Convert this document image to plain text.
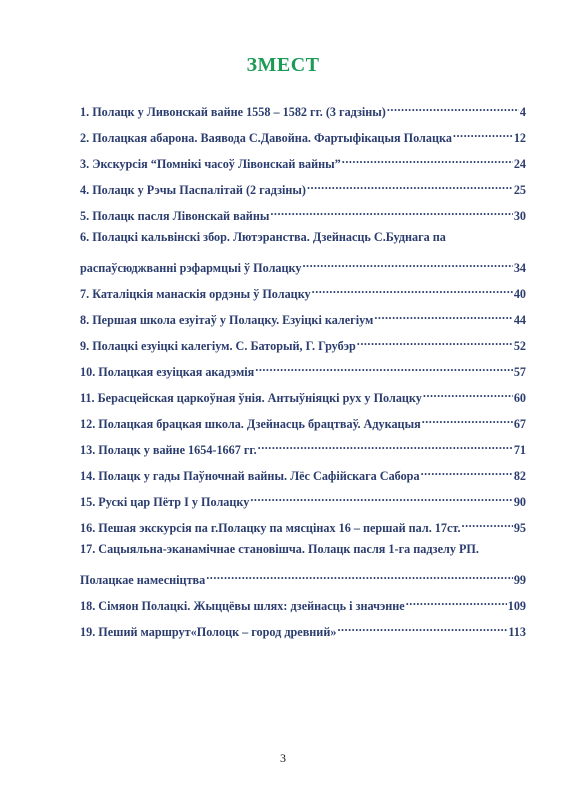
ЗМЕСТ
1. Полацк у Ливонскай вайне 1558 – 1582 гг. (3 гадзіны) .....	4
2. Полацкая абарона. Ваявода С.Давойна. Фартыфікацыя Полацка .....	12
3. Экскурсія “Помнікі часоў Лівонскай вайны” .....	24
4. Полацк у Рэчы Паспалітай (2 гадзіны) .....	25
5. Полацк пасля Лівонскай вайны .....	30
6. Полацкі кальвінскі збор. Лютэранства. Дзейнасць С.Буднага па
распаўсюджванні рэфармцыі ў Полацку .....	34
7. Каталіцкія манаскія ордэны ў Полацку .....	40
8. Першая школа езуітаў у Полацку. Езуіцкі калегіум .....	44
9. Полацкі езуіцкі калегіум. С. Баторый, Г. Грубэр .....	52
10. Полацкая езуіцкая акадэмія .....	57
11. Берасцейская царкоўная ўнія. Антыўніяцкі рух у Полацку .....	60
12. Полацкая брацкая школа. Дзейнасць брацтваў. Адукацыя .....	67
13. Полацк у вайне 1654-1667 гг. .....	71
14. Полацк у гады Паўночнай вайны. Лёс Сафійскага Сабора .....	82
15. Рускі цар Пётр І у Полацку .....	90
16. Пешая экскурсія па г.Полацку па мясцінах 16 – першай пал. 17ст. .....	95
17. Сацыяльна-эканамічнае становішча. Полацк пасля 1-га падзелу РП.
Полацкае намесніцтва .....	99
18. Сімяон Полацкі. Жыццёвы шлях: дзейнасць і значэнне .....	109
19. Пеший маршрут«Полоцк – город древний» .....	113
3
